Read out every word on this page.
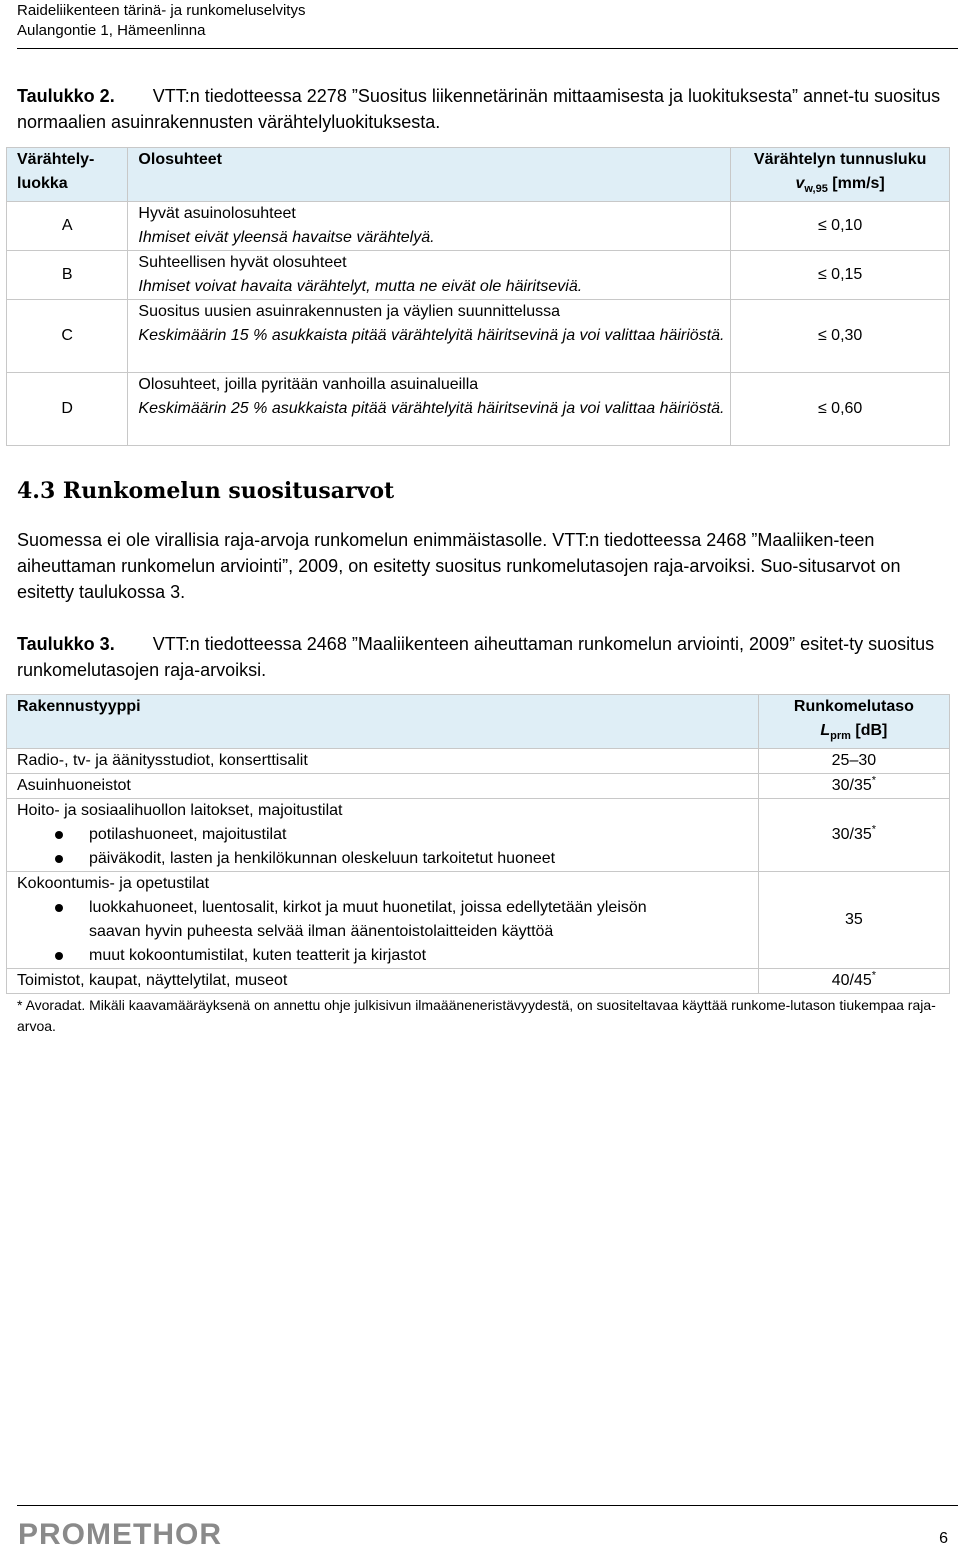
Raideliikenteen tärinä- ja runkomeluselvitys
Aulangontie 1, Hämeenlinna
Taulukko 2. VTT:n tiedotteessa 2278 ”Suositus liikennetärinän mittaamisesta ja luokituksesta” annet-tu suositus normaalien asuinrakennusten värähtelyluokituksesta.
Värähtely-luokka	Olosuhteet	Värähtelyn tunnusluku
$v_{w,95}$ [mm/s]

A	Hyvät asuinolosuhteet
Ihmiset eivät yleensä havaitse värähtelyä.	≤ 0,10
B	Suhteellisen hyvät olosuhteet
Ihmiset voivat havaita värähtelyt, mutta ne eivät ole häiritseviä.	≤ 0,15
C	Suositus uusien asuinrakennusten ja väylien suunnittelussa
Keskimäärin 15 % asukkaista pitää värähtelyitä häiritsevinä ja voi valittaa häiriöstä.	≤ 0,30
D	Olosuhteet, joilla pyritään vanhoilla asuinalueilla
Keskimäärin 25 % asukkaista pitää värähtelyitä häiritsevinä ja voi valittaa häiriöstä.	≤ 0,60
4.3 Runkomelun suositusarvot
Suomessa ei ole virallisia raja-arvoja runkomelun enimmäistasolle. VTT:n tiedotteessa 2468 ”Maaliiken-teen aiheuttaman runkomelun arviointi”, 2009, on esitetty suositus runkomelutasojen raja-arvoiksi. Suo-situsarvot on esitetty taulukossa 3.
Taulukko 3. VTT:n tiedotteessa 2468 ”Maaliikenteen aiheuttaman runkomelun arviointi, 2009” esitet-ty suositus runkomelutasojen raja-arvoiksi.
Rakennustyyppi	Runkomelutaso
$L_{prm}$ [dB]

Radio-, tv- ja äänitysstudiot, konserttisalit	25–30
Asuinhuoneistot	30/35*

Hoito- ja sosiaalihuollon laitokset, majoitustilat
potilashuoneet, majoitustilat
päiväkodit, lasten ja henkilökunnan oleskeluun tarkoitetut huoneet	30/35*

Kokoontumis- ja opetustilat
luokkahuoneet, luentosalit, kirkot ja muut huonetilat, joissa edellytetään yleisön
saavan hyvin puheesta selvää ilman äänentoistolaitteiden käyttöä
muut kokoontumistilat, kuten teatterit ja kirjastot	35
Toimistot, kaupat, näyttelytilat, museot	40/45*
* Avoradat. Mikäli kaavamääräyksenä on annettu ohje julkisivun ilmaääneneristävyydestä, on suositeltavaa käyttää runkome-lutason tiukempaa raja-arvoa.
PROMETHOR	6
